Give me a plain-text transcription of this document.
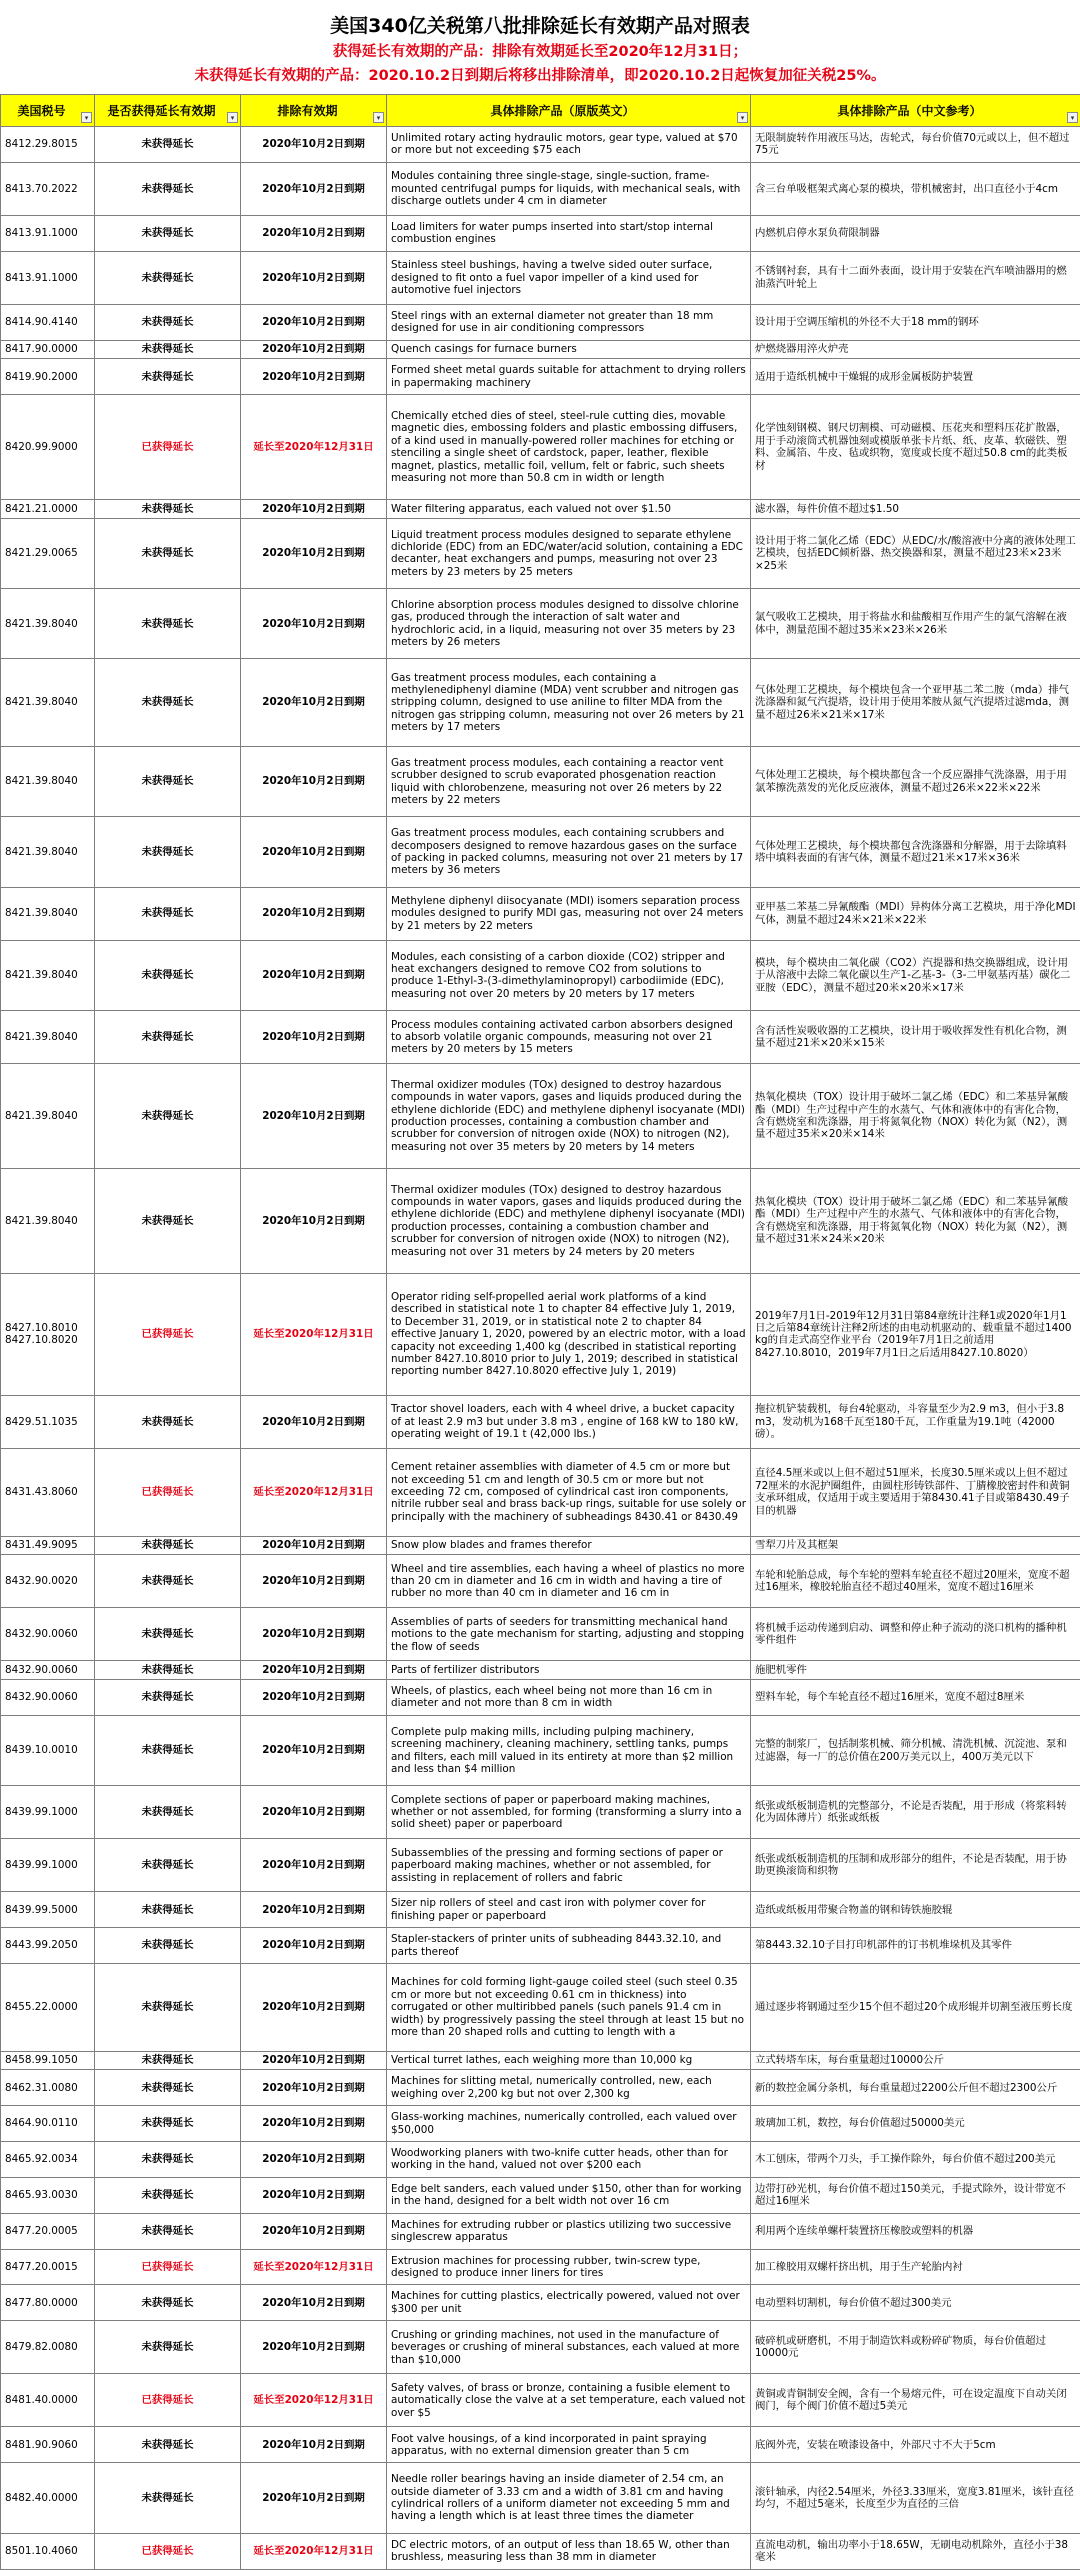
美国340亿关税第八批排除延长有效期产品对照表
获得延长有效期的产品：排除有效期延长至2020年12月31日；
未获得延长有效期的产品：2020.10.2日到期后将移出排除清单，即2020.10.2日起恢复加征关税25%。
美国税号 ▾	是否获得延长有效期 ▾	排除有效期 ▾	具体排除产品（原版英文） ▾	具体排除产品（中文参考） ▾

8412.29.8015	未获得延长	2020年10月2日到期	Unlimited rotary acting hydraulic motors, gear type, valued at $70 or more but not exceeding $75 each	无限制旋转作用液压马达，齿轮式，每台价值70元或以上，但不超过75元
8413.70.2022	未获得延长	2020年10月2日到期	Modules containing three single-stage, single-suction, frame-mounted centrifugal pumps for liquids, with mechanical seals, with discharge outlets under 4 cm in diameter	含三台单吸框架式离心泵的模块，带机械密封，出口直径小于4cm
8413.91.1000	未获得延长	2020年10月2日到期	Load limiters for water pumps inserted into start/stop internal combustion engines	内燃机启停水泵负荷限制器
8413.91.1000	未获得延长	2020年10月2日到期	Stainless steel bushings, having a twelve sided outer surface, designed to fit onto a fuel vapor impeller of a kind used for automotive fuel injectors	不锈钢衬套，具有十二面外表面，设计用于安装在汽车喷油器用的燃油蒸汽叶轮上
8414.90.4140	未获得延长	2020年10月2日到期	Steel rings with an external diameter not greater than 18 mm designed for use in air conditioning compressors	设计用于空调压缩机的外径不大于18 mm的钢环
8417.90.0000	未获得延长	2020年10月2日到期	Quench casings for furnace burners	炉燃烧器用淬火炉壳
8419.90.2000	未获得延长	2020年10月2日到期	Formed sheet metal guards suitable for attachment to drying rollers in papermaking machinery	适用于造纸机械中干燥辊的成形金属板防护装置
8420.99.9000	已获得延长	延长至2020年12月31日	Chemically etched dies of steel, steel-rule cutting dies, movable magnetic dies, embossing folders and plastic embossing diffusers, of a kind used in manually-powered roller machines for etching or stenciling a single sheet of cardstock, paper, leather, flexible magnet, plastics, metallic foil, vellum, felt or fabric, such sheets measuring not more than 50.8 cm in width or length	化学蚀刻钢模、钢尺切割模、可动磁模、压花夹和塑料压花扩散器，用于手动滚筒式机器蚀刻或模版单张卡片纸、纸、皮革、软磁铁、塑料、金属箔、牛皮、毡或织物，宽度或长度不超过50.8 cm的此类板材
8421.21.0000	未获得延长	2020年10月2日到期	Water filtering apparatus, each valued not over $1.50	滤水器，每件价值不超过$1.50
8421.29.0065	未获得延长	2020年10月2日到期	Liquid treatment process modules designed to separate ethylene dichloride (EDC) from an EDC/water/acid solution, containing a EDC decanter, heat exchangers and pumps, measuring not over 23 meters by 23 meters by 25 meters	设计用于将二氯化乙烯（EDC）从EDC/水/酸溶液中分离的液体处理工艺模块，包括EDC倾析器、热交换器和泵，测量不超过23米×23米×25米
8421.39.8040	未获得延长	2020年10月2日到期	Chlorine absorption process modules designed to dissolve chlorine gas, produced through the interaction of salt water and hydrochloric acid, in a liquid, measuring not over 35 meters by 23 meters by 26 meters	氯气吸收工艺模块，用于将盐水和盐酸相互作用产生的氯气溶解在液体中，测量范围不超过35米×23米×26米
8421.39.8040	未获得延长	2020年10月2日到期	Gas treatment process modules, each containing a methylenediphenyl diamine (MDA) vent scrubber and nitrogen gas stripping column, designed to use aniline to filter MDA from the nitrogen gas stripping column, measuring not over 26 meters by 21 meters by 17 meters	气体处理工艺模块，每个模块包含一个亚甲基二苯二胺（mda）排气洗涤器和氮气汽提塔，设计用于使用苯胺从氮气汽提塔过滤mda，测量不超过26米×21米×17米
8421.39.8040	未获得延长	2020年10月2日到期	Gas treatment process modules, each containing a reactor vent scrubber designed to scrub evaporated phosgenation reaction liquid with chlorobenzene, measuring not over 26 meters by 22 meters by 22 meters	气体处理工艺模块，每个模块都包含一个反应器排气洗涤器，用于用氯苯擦洗蒸发的光化反应液体，测量不超过26米×22米×22米
8421.39.8040	未获得延长	2020年10月2日到期	Gas treatment process modules, each containing scrubbers and decomposers designed to remove hazardous gases on the surface of packing in packed columns, measuring not over 21 meters by 17 meters by 36 meters	气体处理工艺模块，每个模块都包含洗涤器和分解器，用于去除填料塔中填料表面的有害气体，测量不超过21米×17米×36米
8421.39.8040	未获得延长	2020年10月2日到期	Methylene diphenyl diisocyanate (MDI) isomers separation process modules designed to purify MDI gas, measuring not over 24 meters by 21 meters by 22 meters	亚甲基二苯基二异氰酸酯（MDI）异构体分离工艺模块，用于净化MDI气体，测量不超过24米×21米×22米
8421.39.8040	未获得延长	2020年10月2日到期	Modules, each consisting of a carbon dioxide (CO2) stripper and heat exchangers designed to remove CO2 from solutions to produce 1-Ethyl-3-(3-dimethylaminopropyl) carbodiimide (EDC), measuring not over 20 meters by 20 meters by 17 meters	模块，每个模块由二氧化碳（CO2）汽提器和热交换器组成，设计用于从溶液中去除二氧化碳以生产1-乙基-3-（3-二甲氨基丙基）碳化二亚胺（EDC），测量不超过20米×20米×17米
8421.39.8040	未获得延长	2020年10月2日到期	Process modules containing activated carbon absorbers designed to absorb volatile organic compounds, measuring not over 21 meters by 20 meters by 15 meters	含有活性炭吸收器的工艺模块，设计用于吸收挥发性有机化合物，测量不超过21米×20米×15米
8421.39.8040	未获得延长	2020年10月2日到期	Thermal oxidizer modules (TOx) designed to destroy hazardous compounds in water vapors, gases and liquids produced during the ethylene dichloride (EDC) and methylene diphenyl isocyanate (MDI) production processes, containing a combustion chamber and scrubber for conversion of nitrogen oxide (NOX) to nitrogen (N2), measuring not over 35 meters by 20 meters by 14 meters	热氧化模块（TOX）设计用于破坏二氯乙烯（EDC）和二苯基异氰酸酯（MDI）生产过程中产生的水蒸气、气体和液体中的有害化合物，含有燃烧室和洗涤器，用于将氮氧化物（NOX）转化为氮（N2），测量不超过35米×20米×14米
8421.39.8040	未获得延长	2020年10月2日到期	Thermal oxidizer modules (TOx) designed to destroy hazardous compounds in water vapors, gases and liquids produced during the ethylene dichloride (EDC) and methylene diphenyl isocyanate (MDI) production processes, containing a combustion chamber and scrubber for conversion of nitrogen oxide (NOX) to nitrogen (N2), measuring not over 31 meters by 24 meters by 20 meters	热氧化模块（TOX）设计用于破坏二氯乙烯（EDC）和二苯基异氰酸酯（MDI）生产过程中产生的水蒸气、气体和液体中的有害化合物，含有燃烧室和洗涤器，用于将氮氧化物（NOX）转化为氮（N2），测量不超过31米×24米×20米
8427.10.8010
8427.10.8020	已获得延长	延长至2020年12月31日	Operator riding self-propelled aerial work platforms of a kind described in statistical note 1 to chapter 84 effective July 1, 2019, to December 31, 2019, or in statistical note 2 to chapter 84 effective January 1, 2020, powered by an electric motor, with a load capacity not exceeding 1,400 kg (described in statistical reporting number 8427.10.8010 prior to July 1, 2019; described in statistical reporting number 8427.10.8020 effective July 1, 2019)	2019年7月1日-2019年12月31日第84章统计注释1或2020年1月1日之后第84章统计注释2所述的由电动机驱动的、载重量不超过1400 kg的自走式高空作业平台（2019年7月1日之前适用8427.10.8010，2019年7月1日之后适用8427.10.8020）
8429.51.1035	未获得延长	2020年10月2日到期	Tractor shovel loaders, each with 4 wheel drive, a bucket capacity of at least 2.9 m3 but under 3.8 m3 , engine of 168 kW to 180 kW, operating weight of 19.1 t (42,000 lbs.)	拖拉机铲装载机，每台4轮驱动，斗容量至少为2.9 m3，但小于3.8 m3，发动机为168千瓦至180千瓦，工作重量为19.1吨（42000磅）。
8431.43.8060	已获得延长	延长至2020年12月31日	Cement retainer assemblies with diameter of 4.5 cm or more but not exceeding 51 cm and length of 30.5 cm or more but not exceeding 72 cm, composed of cylindrical cast iron components, nitrile rubber seal and brass back-up rings, suitable for use solely or principally with the machinery of subheadings 8430.41 or 8430.49	直径4.5厘米或以上但不超过51厘米，长度30.5厘米或以上但不超过72厘米的水泥护圈组件，由圆柱形铸铁部件、丁腈橡胶密封件和黄铜支承环组成，仅适用于或主要适用于第8430.41子目或第8430.49子目的机器
8431.49.9095	未获得延长	2020年10月2日到期	Snow plow blades and frames therefor	雪犁刀片及其框架
8432.90.0020	未获得延长	2020年10月2日到期	Wheel and tire assemblies, each having a wheel of plastics no more than 20 cm in diameter and 16 cm in width and having a tire of rubber no more than 40 cm in diameter and 16 cm in	车轮和轮胎总成，每个车轮的塑料车轮直径不超过20厘米，宽度不超过16厘米，橡胶轮胎直径不超过40厘米，宽度不超过16厘米
8432.90.0060	未获得延长	2020年10月2日到期	Assemblies of parts of seeders for transmitting mechanical hand motions to the gate mechanism for starting, adjusting and stopping the flow of seeds	将机械手运动传递到启动、调整和停止种子流动的浇口机构的播种机零件组件
8432.90.0060	未获得延长	2020年10月2日到期	Parts of fertilizer distributors	施肥机零件
8432.90.0060	未获得延长	2020年10月2日到期	Wheels, of plastics, each wheel being not more than 16 cm in diameter and not more than 8 cm in width	塑料车轮，每个车轮直径不超过16厘米，宽度不超过8厘米
8439.10.0010	未获得延长	2020年10月2日到期	Complete pulp making mills, including pulping machinery, screening machinery, cleaning machinery, settling tanks, pumps and filters, each mill valued in its entirety at more than $2 million and less than $4 million	完整的制浆厂，包括制浆机械、筛分机械、清洗机械、沉淀池、泵和过滤器，每一厂的总价值在200万美元以上，400万美元以下
8439.99.1000	未获得延长	2020年10月2日到期	Complete sections of paper or paperboard making machines, whether or not assembled, for forming (transforming a slurry into a solid sheet) paper or paperboard	纸张或纸板制造机的完整部分，不论是否装配，用于形成（将浆料转化为固体薄片）纸张或纸板
8439.99.1000	未获得延长	2020年10月2日到期	Subassemblies of the pressing and forming sections of paper or paperboard making machines, whether or not assembled, for assisting in replacement of rollers and fabric	纸张或纸板制造机的压制和成形部分的组件，不论是否装配，用于协助更换滚筒和织物
8439.99.5000	未获得延长	2020年10月2日到期	Sizer nip rollers of steel and cast iron with polymer cover for finishing paper or paperboard	造纸或纸板用带聚合物盖的钢和铸铁施胶辊
8443.99.2050	未获得延长	2020年10月2日到期	Stapler-stackers of printer units of subheading 8443.32.10, and parts thereof	第8443.32.10子目打印机部件的订书机堆垛机及其零件
8455.22.0000	未获得延长	2020年10月2日到期	Machines for cold forming light-gauge coiled steel (such steel 0.35 cm or more but not exceeding 0.61 cm in thickness) into corrugated or other multiribbed panels (such panels 91.4 cm in width) by progressively passing the steel through at least 15 but no more than 20 shaped rolls and cutting to length with a	通过逐步将钢通过至少15个但不超过20个成形辊并切割至液压剪长度
8458.99.1050	未获得延长	2020年10月2日到期	Vertical turret lathes, each weighing more than 10,000 kg	立式转塔车床，每台重量超过10000公斤
8462.31.0080	未获得延长	2020年10月2日到期	Machines for slitting metal, numerically controlled, new, each weighing over 2,200 kg but not over 2,300 kg	新的数控金属分条机，每台重量超过2200公斤但不超过2300公斤
8464.90.0110	未获得延长	2020年10月2日到期	Glass-working machines, numerically controlled, each valued over $50,000	玻璃加工机，数控，每台价值超过50000美元
8465.92.0034	未获得延长	2020年10月2日到期	Woodworking planers with two-knife cutter heads, other than for working in the hand, valued not over $200 each	木工刨床，带两个刀头，手工操作除外，每台价值不超过200美元
8465.93.0030	未获得延长	2020年10月2日到期	Edge belt sanders, each valued under $150, other than for working in the hand, designed for a belt width not over 16 cm	边带打砂光机，每台价值不超过150美元，手提式除外，设计带宽不超过16厘米
8477.20.0005	未获得延长	2020年10月2日到期	Machines for extruding rubber or plastics utilizing two successive singlescrew apparatus	利用两个连续单螺杆装置挤压橡胶或塑料的机器
8477.20.0015	已获得延长	延长至2020年12月31日	Extrusion machines for processing rubber, twin-screw type, designed to produce inner liners for tires	加工橡胶用双螺杆挤出机，用于生产轮胎内衬
8477.80.0000	未获得延长	2020年10月2日到期	Machines for cutting plastics, electrically powered, valued not over $300 per unit	电动塑料切割机，每台价值不超过300美元
8479.82.0080	未获得延长	2020年10月2日到期	Crushing or grinding machines, not used in the manufacture of beverages or crushing of mineral substances, each valued at more than $10,000	破碎机或研磨机，不用于制造饮料或粉碎矿物质，每台价值超过10000元
8481.40.0000	已获得延长	延长至2020年12月31日	Safety valves, of brass or bronze, containing a fusible element to automatically close the valve at a set temperature, each valued not over $5	黄铜或青铜制安全阀，含有一个易熔元件，可在设定温度下自动关闭阀门，每个阀门价值不超过5美元
8481.90.9060	未获得延长	2020年10月2日到期	Foot valve housings, of a kind incorporated in paint spraying apparatus, with no external dimension greater than 5 cm	底阀外壳，安装在喷漆设备中，外部尺寸不大于5cm
8482.40.0000	未获得延长	2020年10月2日到期	Needle roller bearings having an inside diameter of 2.54 cm, an outside diameter of 3.33 cm and a width of 3.81 cm and having cylindrical rollers of a uniform diameter not exceeding 5 mm and having a length which is at least three times the diameter	滚针轴承，内径2.54厘米，外径3.33厘米，宽度3.81厘米，该针直径均匀，不超过5毫米，长度至少为直径的三倍
8501.10.4060	已获得延长	延长至2020年12月31日	DC electric motors, of an output of less than 18.65 W, other than brushless, measuring less than 38 mm in diameter	直流电动机，输出功率小于18.65W，无刷电动机除外，直径小于38毫米
